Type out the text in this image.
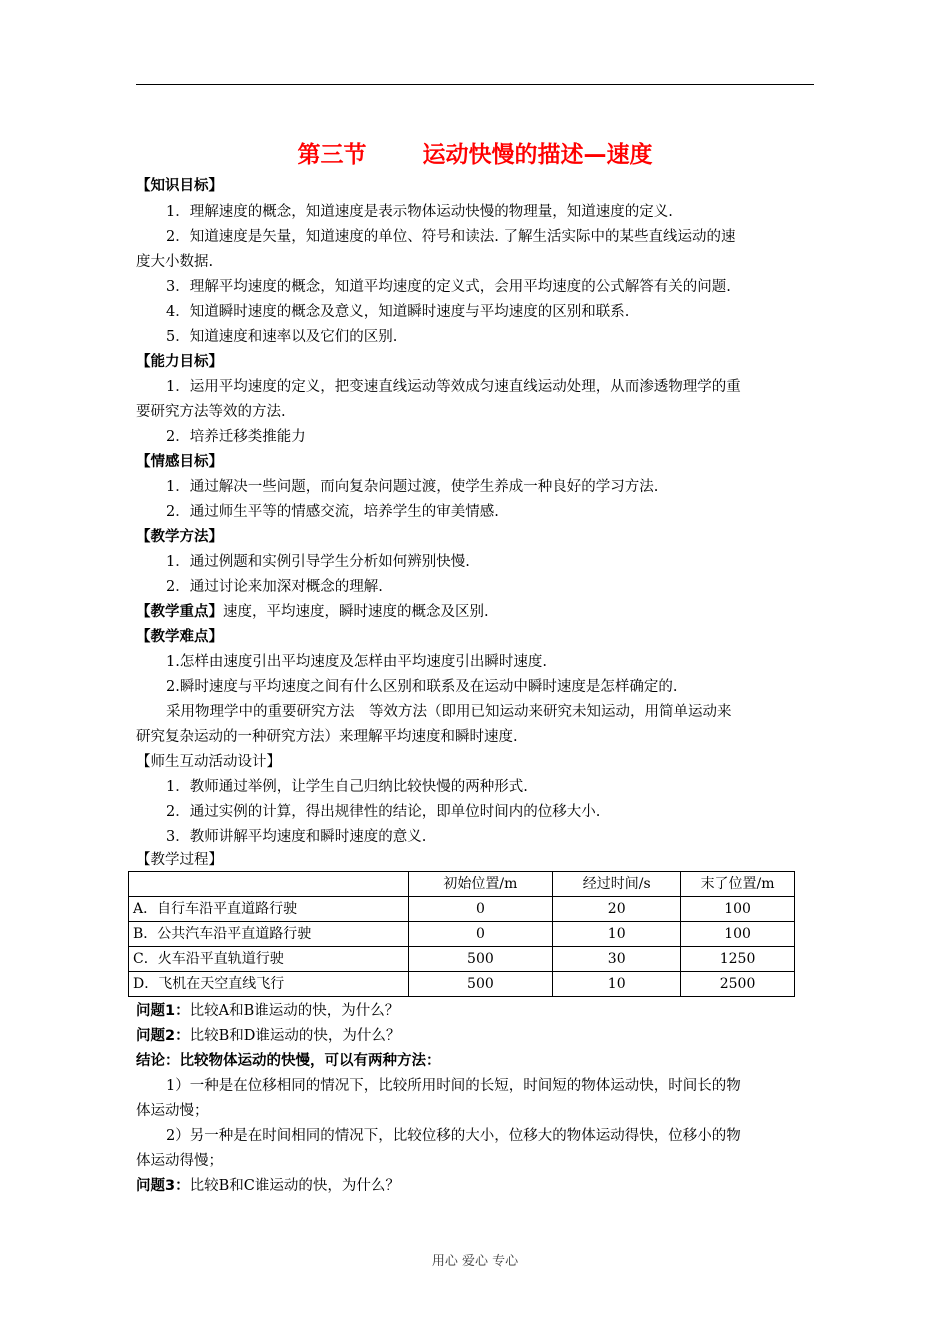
第三节 运动快慢的描述—速度
【知识目标】
1．理解速度的概念，知道速度是表示物体运动快慢的物理量，知道速度的定义.
2．知道速度是矢量，知道速度的单位、符号和读法. 了解生活实际中的某些直线运动的速
度大小数据.
3．理解平均速度的概念，知道平均速度的定义式，会用平均速度的公式解答有关的问题.
4．知道瞬时速度的概念及意义，知道瞬时速度与平均速度的区别和联系.
5．知道速度和速率以及它们的区别.
【能力目标】
1．运用平均速度的定义，把变速直线运动等效成匀速直线运动处理，从而渗透物理学的重
要研究方法等效的方法.
2．培养迁移类推能力
【情感目标】
1．通过解决一些问题，而向复杂问题过渡，使学生养成一种良好的学习方法.
2．通过师生平等的情感交流，培养学生的审美情感.
【教学方法】
1．通过例题和实例引导学生分析如何辨别快慢.
2．通过讨论来加深对概念的理解.
【教学重点】速度，平均速度，瞬时速度的概念及区别.
【教学难点】
1.怎样由速度引出平均速度及怎样由平均速度引出瞬时速度.
2.瞬时速度与平均速度之间有什么区别和联系及在运动中瞬时速度是怎样确定的.
采用物理学中的重要研究方法　等效方法（即用已知运动来研究未知运动，用简单运动来
研究复杂运动的一种研究方法）来理解平均速度和瞬时速度.
【师生互动活动设计】
1．教师通过举例，让学生自己归纳比较快慢的两种形式.
2．通过实例的计算，得出规律性的结论，即单位时间内的位移大小.
3．教师讲解平均速度和瞬时速度的意义.
【教学过程】
	初始位置/m	经过时间/s	末了位置/m
A．自行车沿平直道路行驶	0	20	100
B．公共汽车沿平直道路行驶	0	10	100
C．火车沿平直轨道行驶	500	30	1250
D．飞机在天空直线飞行	500	10	2500
问题1：比较A和B谁运动的快，为什么？
问题2：比较B和D谁运动的快，为什么？
结论：比较物体运动的快慢，可以有两种方法：
1）一种是在位移相同的情况下，比较所用时间的长短，时间短的物体运动快，时间长的物
体运动慢；
2）另一种是在时间相同的情况下，比较位移的大小，位移大的物体运动得快，位移小的物
体运动得慢；
问题3：比较B和C谁运动的快，为什么？
用心 爱心 专心
